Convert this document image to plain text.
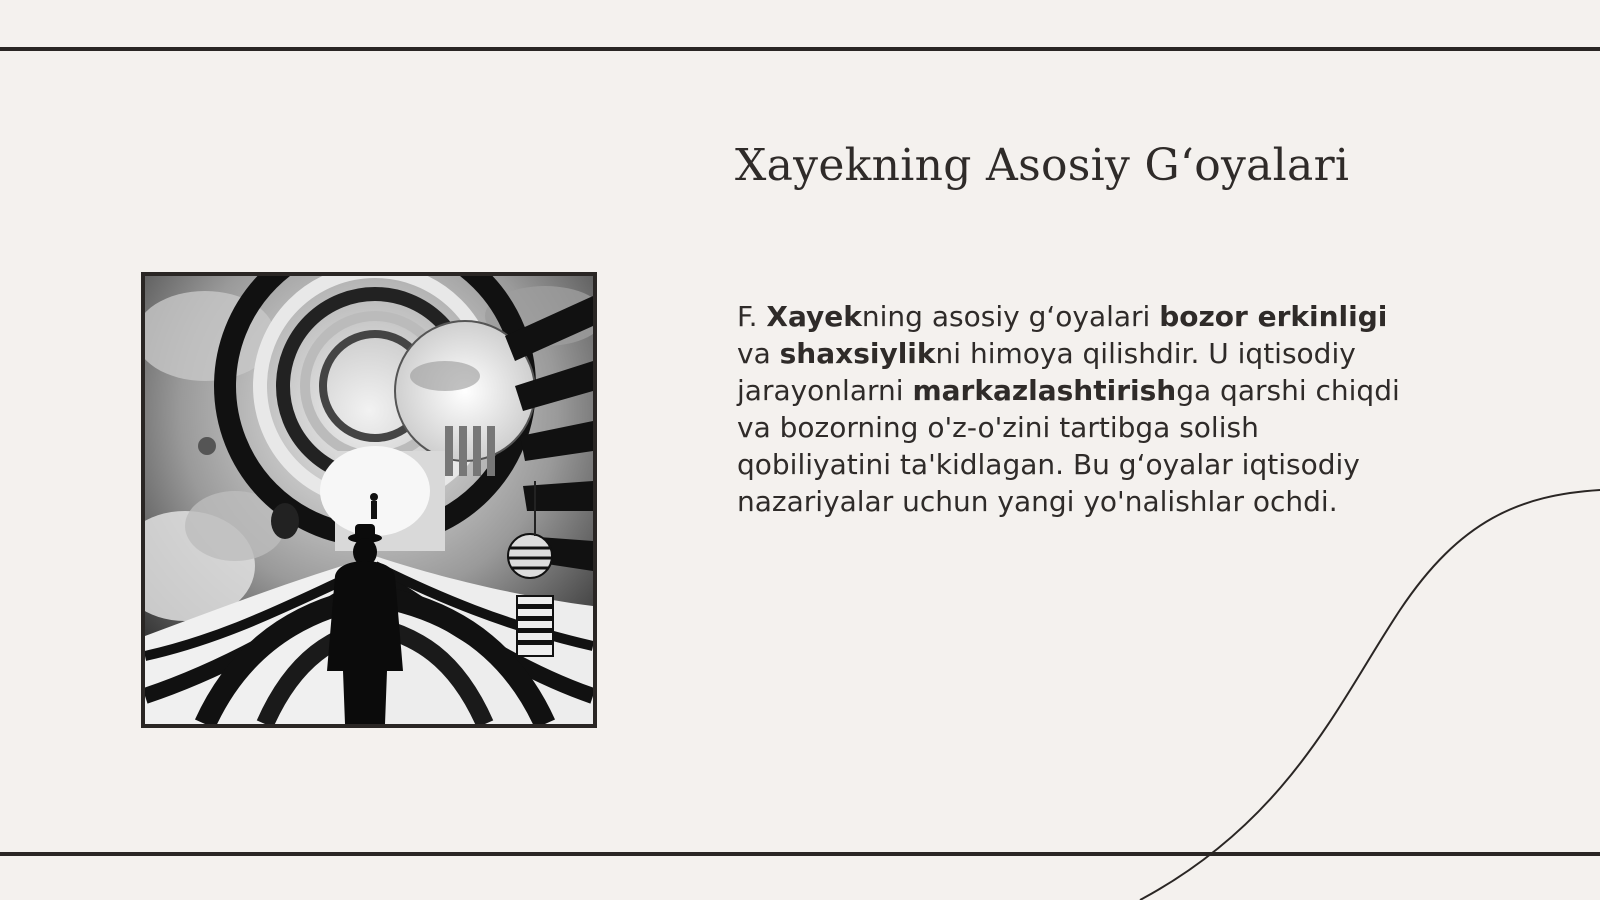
Xayekning Asosiy G‘oyalari

F. Xayekning asosiy g‘oyalari bozor erkinligi va shaxsiylikni himoya qilishdir. U iqtisodiy jarayonlarni markazlashtirishga qarshi chiqdi va bozorning o'z-o'zini tartibga solish qobiliyatini ta'kidlagan. Bu g‘oyalar iqtisodiy nazariyalar uchun yangi yo'nalishlar ochdi.
